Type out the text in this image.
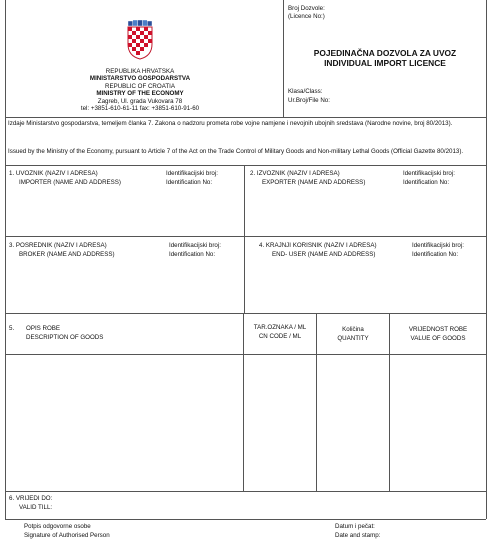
REPUBLIKA HRVATSKA
MINISTARSTVO GOSPODARSTVA
REPUBLIC OF CROATIA
MINISTRY OF THE ECONOMY
Zagreb, Ul. grada Vukovara 78
tel: +3851-610-61-11 fax: +3851-610-91-60
Broj Dozvole:
(Licence No:)
POJEDINAČNA DOZVOLA ZA UVOZ
INDIVIDUAL IMPORT LICENCE
Klasa/Class:
Ur.Broj/File No:
Izdaje Ministarstvo gospodarstva, temeljem članka 7. Zakona o nadzoru prometa robe vojne namjene i nevojnih ubojnih sredstava (Narodne novine, broj 80/2013).
Issued by the Ministry of the Economy, pursuant to Article 7 of the Act on the Trade Control of Military Goods and Non-military Lethal Goods (Official Gazette 80/2013).
1. UVOZNIK (NAZIV I ADRESA)
IMPORTER (NAME AND ADDRESS)
Identifikacijski broj:
Identification No:
2. IZVOZNIK (NAZIV I ADRESA)
EXPORTER (NAME AND ADDRESS)
Identifikacijski broj:
Identification No:
3. POSREDNIK (NAZIV I ADRESA)
BROKER (NAME AND ADDRESS)
Identifikacijski broj:
Identification No:
4. KRAJNJI KORISNIK (NAZIV I ADRESA)
END- USER (NAME AND ADDRESS)
Identifikacijski broj:
Identification No:
5. OPIS ROBE
DESCRIPTION OF GOODS
TAR.OZNAKA / ML
CN CODE / ML
Količina
QUANTITY
VRIJEDNOST ROBE
VALUE OF GOODS
6. VRIJEDI DO:
VALID TILL:
Potpis odgovorne osobe
Signature of Authorised Person
Datum i pečat:
Date and stamp:
